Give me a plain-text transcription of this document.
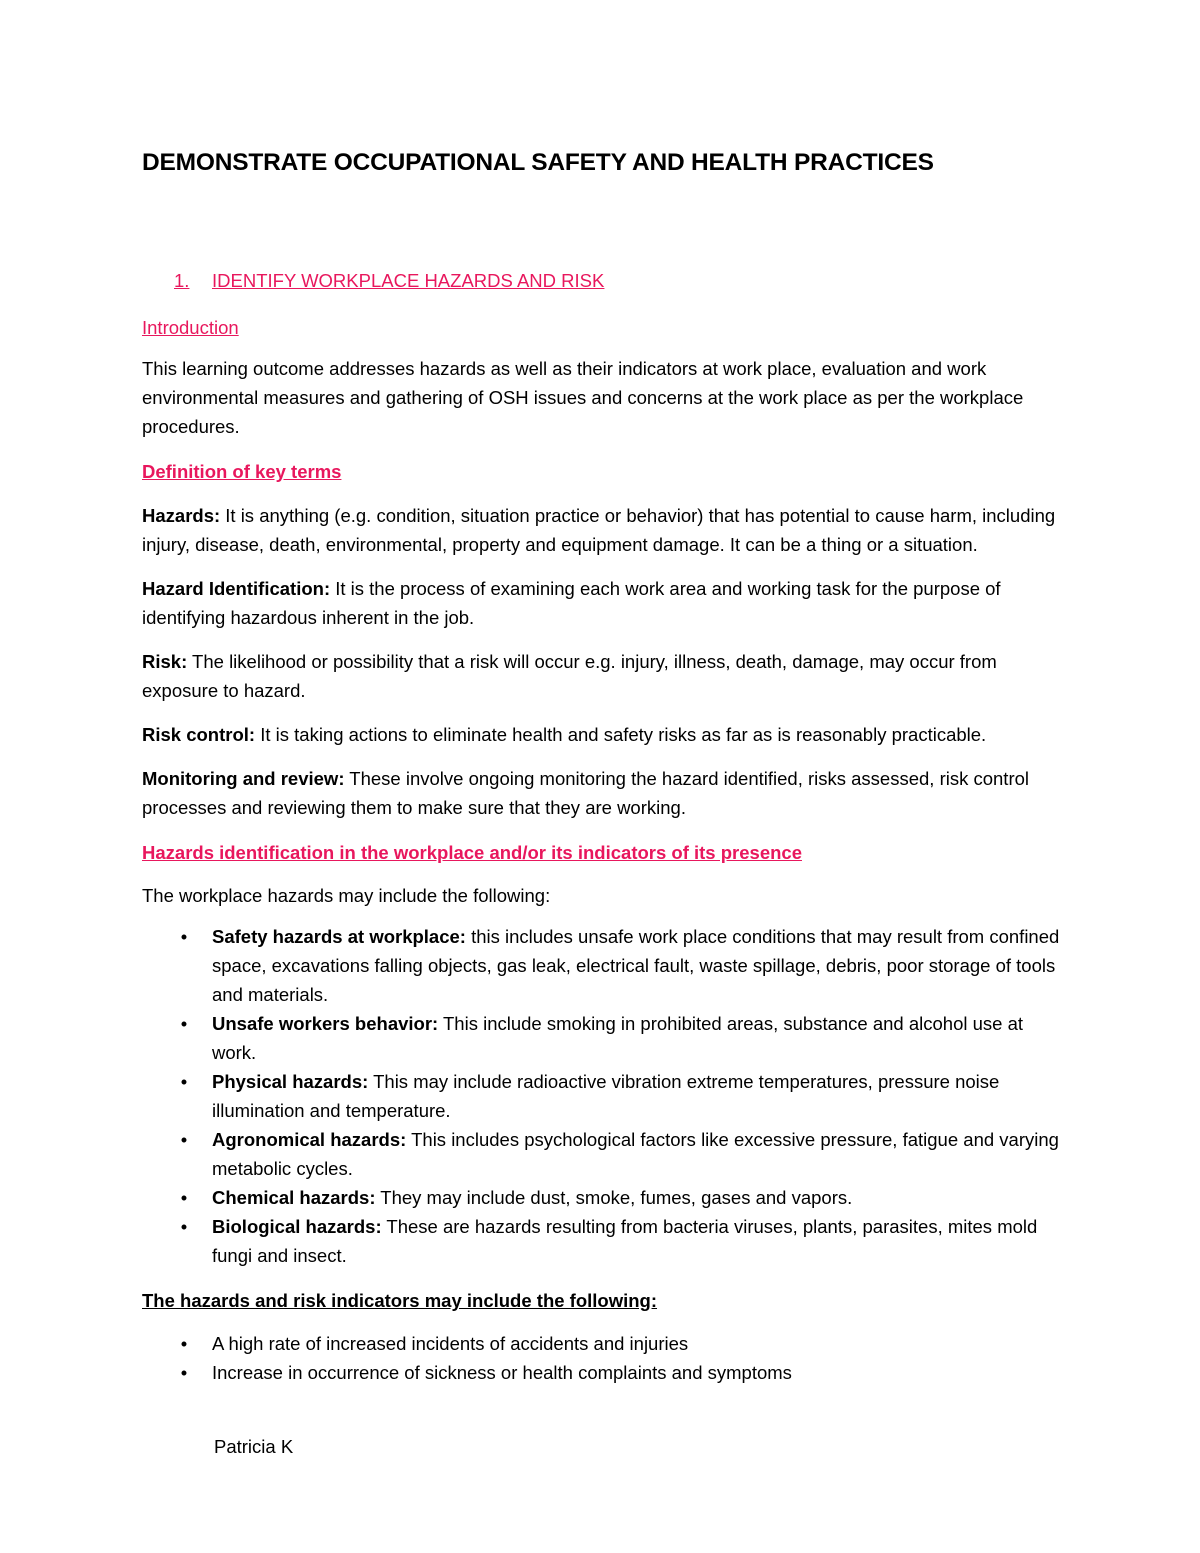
DEMONSTRATE OCCUPATIONAL SAFETY AND HEALTH PRACTICES
1.	IDENTIFY WORKPLACE HAZARDS AND RISK

Introduction

This learning outcome addresses hazards as well as their indicators at work place, evaluation and work environmental measures and gathering of OSH issues and concerns at the work place as per the workplace procedures.

Definition of key terms

Hazards: It is anything (e.g. condition, situation practice or behavior) that has potential to cause harm, including injury, disease, death, environmental, property and equipment damage. It can be a thing or a situation.

Hazard Identification: It is the process of examining each work area and working task for the purpose of identifying hazardous inherent in the job.

Risk: The likelihood or possibility that a risk will occur e.g. injury, illness, death, damage, may occur from exposure to hazard.

Risk control: It is taking actions to eliminate health and safety risks as far as is reasonably practicable.

Monitoring and review: These involve ongoing monitoring the hazard identified, risks assessed, risk control processes and reviewing them to make sure that they are working.

Hazards identification in the workplace and/or its indicators of its presence

The workplace hazards may include the following:

•	Safety hazards at workplace: this includes unsafe work place conditions that may result from confined space, excavations falling objects, gas leak, electrical fault, waste spillage, debris, poor storage of tools and materials.
•	Unsafe workers behavior: This include smoking in prohibited areas, substance and alcohol use at work.
•	Physical hazards: This may include radioactive vibration extreme temperatures, pressure noise illumination and temperature.
•	Agronomical hazards: This includes psychological factors like excessive pressure, fatigue and varying metabolic cycles.
•	Chemical hazards: They may include dust, smoke, fumes, gases and vapors.
•	Biological hazards: These are hazards resulting from bacteria viruses, plants, parasites, mites mold fungi and insect.

The hazards and risk indicators may include the following:

•	A high rate of increased incidents of accidents and injuries
•	Increase in occurrence of sickness or health complaints and symptoms
Patricia K
